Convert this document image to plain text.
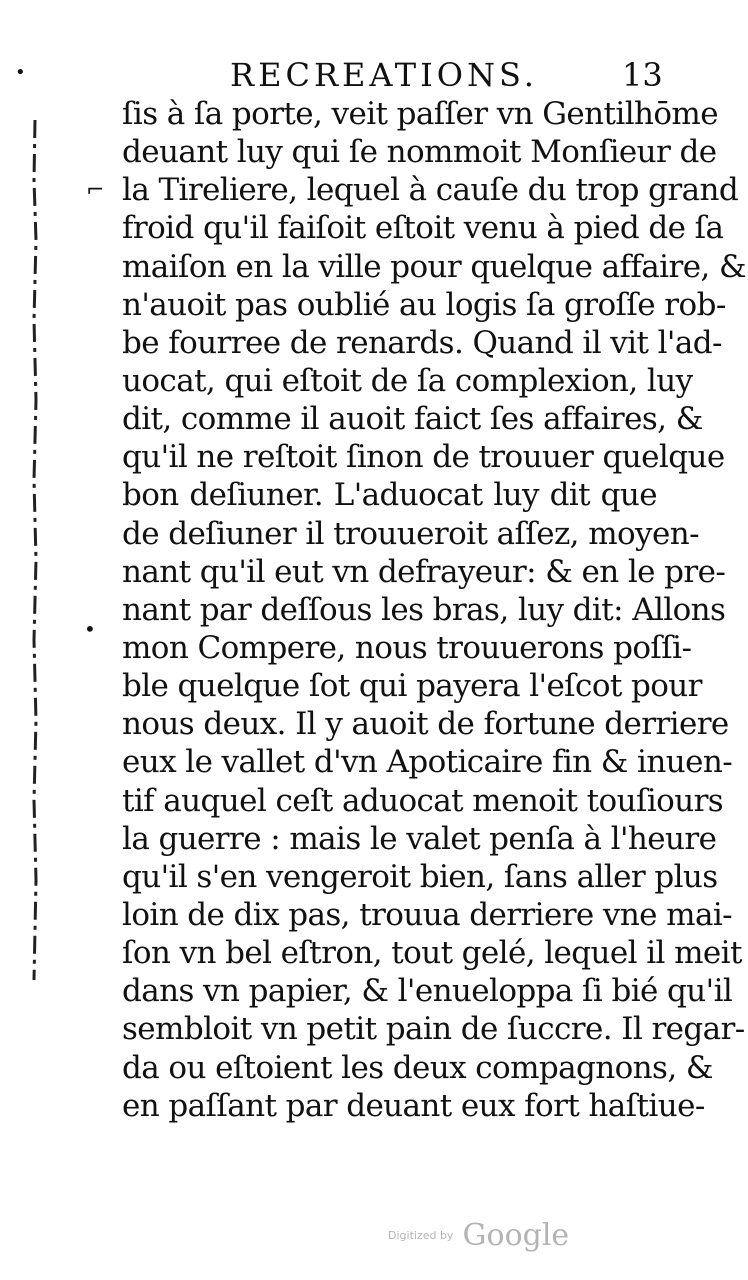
•	RECREATIONS.	13
⌐
•
ſis à ſa porte, veit paſſer vn Gentilhōme
deuant luy qui ſe nommoit Monſieur de
la Tireliere, lequel à cauſe du trop grand
froid qu'il faiſoit eſtoit venu à pied de ſa
maiſon en la ville pour quelque affaire, &
n'auoit pas oublié au logis ſa groſſe rob-
be fourree de renards. Quand il vit l'ad-
uocat, qui eſtoit de ſa complexion, luy
dit, comme il auoit faict ſes affaires, &
qu'il ne reſtoit ſinon de trouuer quelque
bon deſiuner. L'aduocat luy dit que
de deſiuner il trouueroit aſſez, moyen-
nant qu'il eut vn defrayeur: & en le pre-
nant par deſſous les bras, luy dit: Allons
mon Compere, nous trouuerons poſſi-
ble quelque ſot qui payera l'eſcot pour
nous deux. Il y auoit de fortune derriere
eux le vallet d'vn Apoticaire fin & inuen-
tif auquel ceſt aduocat menoit touſiours
la guerre : mais le valet penſa à l'heure
qu'il s'en vengeroit bien, ſans aller plus
loin de dix pas, trouua derriere vne mai-
ſon vn bel eſtron, tout gelé, lequel il meit
dans vn papier, & l'enueloppa ſi bié qu'il
sembloit vn petit pain de ſuccre. Il regar-
da ou eſtoient les deux compagnons, &
en paſſant par deuant eux fort haſtiue-
Digitized by Google
